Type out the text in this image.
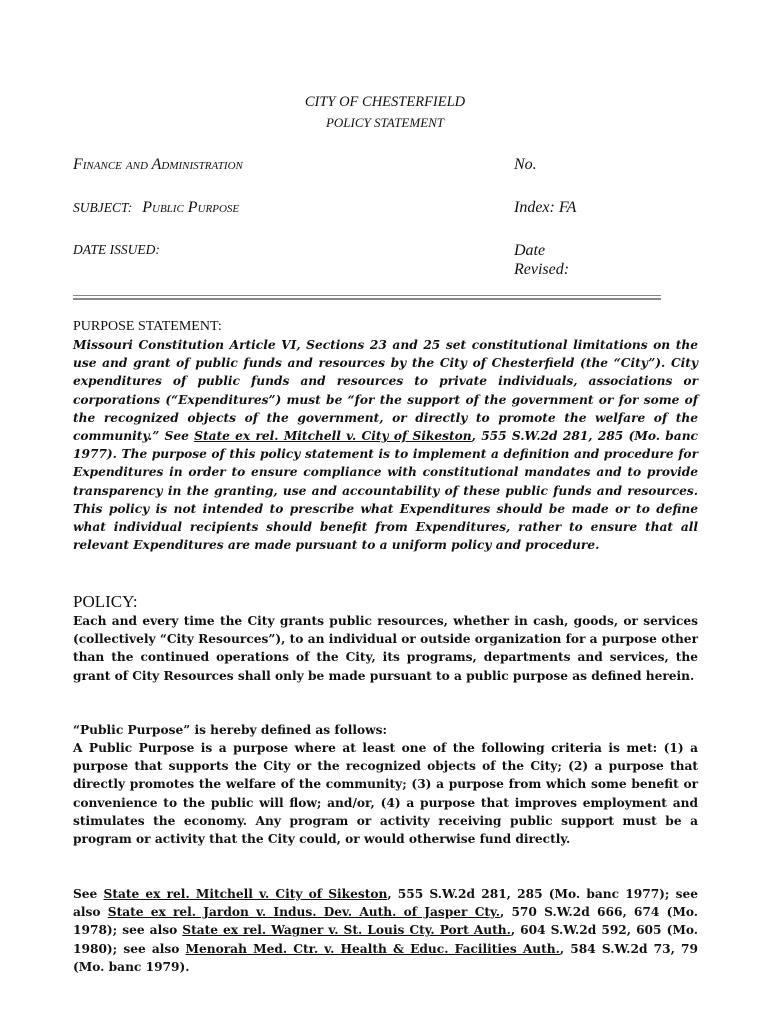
CITY OF CHESTERFIELD
POLICY STATEMENT
Finance and Administration	No.
SUBJECT: Public Purpose	Index: FA
DATE ISSUED:	Date
Revised:
PURPOSE STATEMENT:

Missouri Constitution Article VI, Sections 23 and 25 set constitutional limitations on the use and grant of public funds and resources by the City of Chesterfield (the “City”). City expenditures of public funds and resources to private individuals, associations or corporations (“Expenditures”) must be “for the support of the government or for some of the recognized objects of the government, or directly to promote the welfare of the community.” See State ex rel. Mitchell v. City of Sikeston, 555 S.W.2d 281, 285 (Mo. banc 1977). The purpose of this policy statement is to implement a definition and procedure for Expenditures in order to ensure compliance with constitutional mandates and to provide transparency in the granting, use and accountability of these public funds and resources. This policy is not intended to prescribe what Expenditures should be made or to define what individual recipients should benefit from Expenditures, rather to ensure that all relevant Expenditures are made pursuant to a uniform policy and procedure.

POLICY:

Each and every time the City grants public resources, whether in cash, goods, or services (collectively “City Resources”), to an individual or outside organization for a purpose other than the continued operations of the City, its programs, departments and services, the grant of City Resources shall only be made pursuant to a public purpose as defined herein.

“Public Purpose” is hereby defined as follows:

A Public Purpose is a purpose where at least one of the following criteria is met: (1) a purpose that supports the City or the recognized objects of the City; (2) a purpose that directly promotes the welfare of the community; (3) a purpose from which some benefit or convenience to the public will flow; and/or, (4) a purpose that improves employment and stimulates the economy. Any program or activity receiving public support must be a program or activity that the City could, or would otherwise fund directly.

See State ex rel. Mitchell v. City of Sikeston, 555 S.W.2d 281, 285 (Mo. banc 1977); see also State ex rel. Jardon v. Indus. Dev. Auth. of Jasper Cty., 570 S.W.2d 666, 674 (Mo. 1978); see also State ex rel. Wagner v. St. Louis Cty. Port Auth., 604 S.W.2d 592, 605 (Mo. 1980); see also Menorah Med. Ctr. v. Health & Educ. Facilities Auth., 584 S.W.2d 73, 79 (Mo. banc 1979).
